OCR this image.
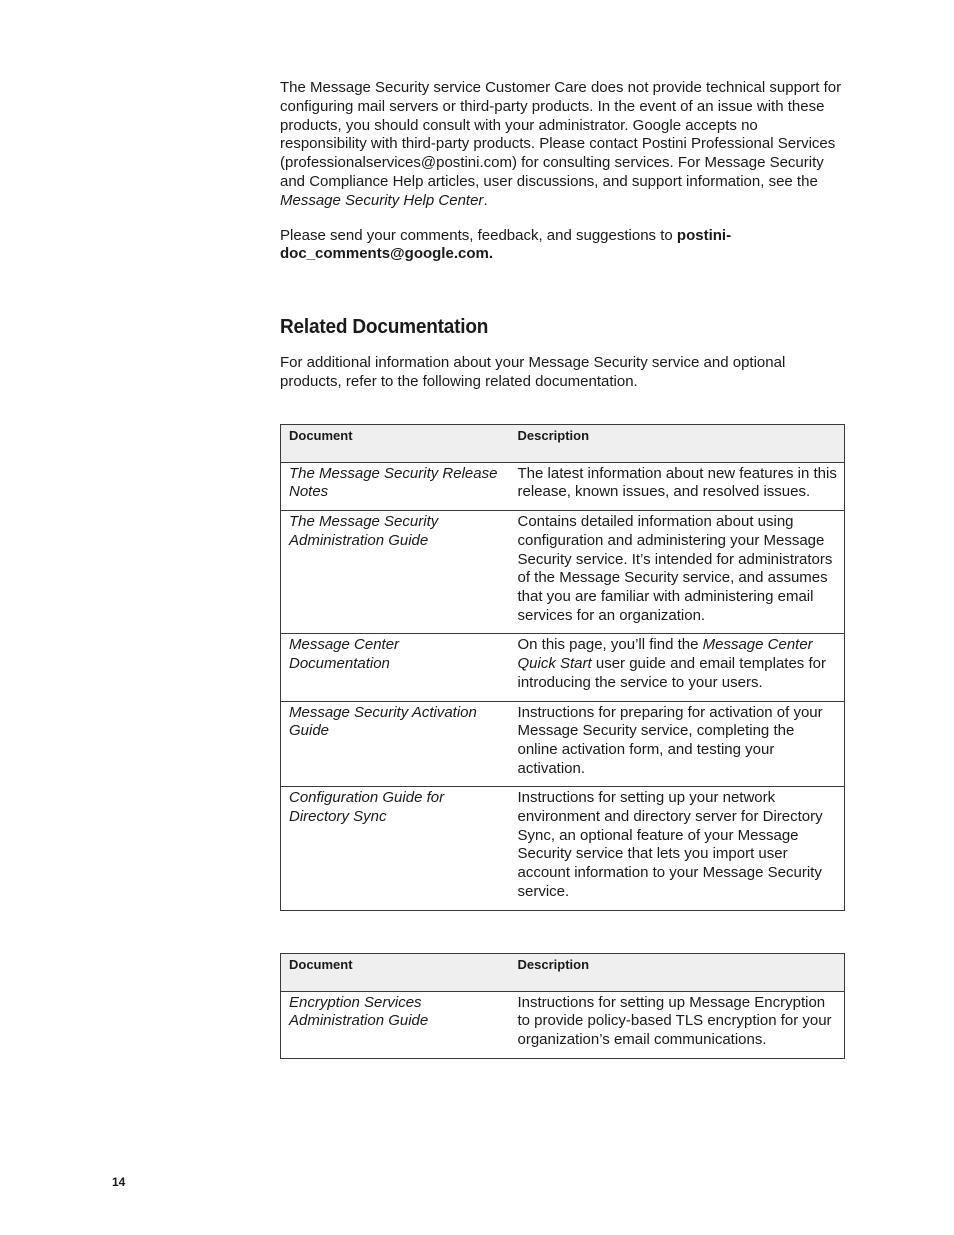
The Message Security service Customer Care does not provide technical support for configuring mail servers or third-party products. In the event of an issue with these products, you should consult with your administrator. Google accepts no responsibility with third-party products. Please contact Postini Professional Services (professionalservices@postini.com) for consulting services. For Message Security and Compliance Help articles, user discussions, and support information, see the Message Security Help Center.

Please send your comments, feedback, and suggestions to postini-doc_comments@google.com.

Related Documentation

For additional information about your Message Security service and optional products, refer to the following related documentation.

Document	Description
The Message Security Release Notes	The latest information about new features in this release, known issues, and resolved issues.
The Message Security Administration Guide	Contains detailed information about using configuration and administering your Message Security service. It’s intended for administrators of the Message Security service, and assumes that you are familiar with administering email services for an organization.
Message Center Documentation	On this page, you’ll find the Message Center Quick Start user guide and email templates for introducing the service to your users.
Message Security Activation Guide	Instructions for preparing for activation of your Message Security service, completing the online activation form, and testing your activation.
Configuration Guide for Directory Sync	Instructions for setting up your network environment and directory server for Directory Sync, an optional feature of your Message Security service that lets you import user account information to your Message Security service.
Document	Description
Encryption Services Administration Guide	Instructions for setting up Message Encryption to provide policy-based TLS encryption for your organization’s email communications.
14
